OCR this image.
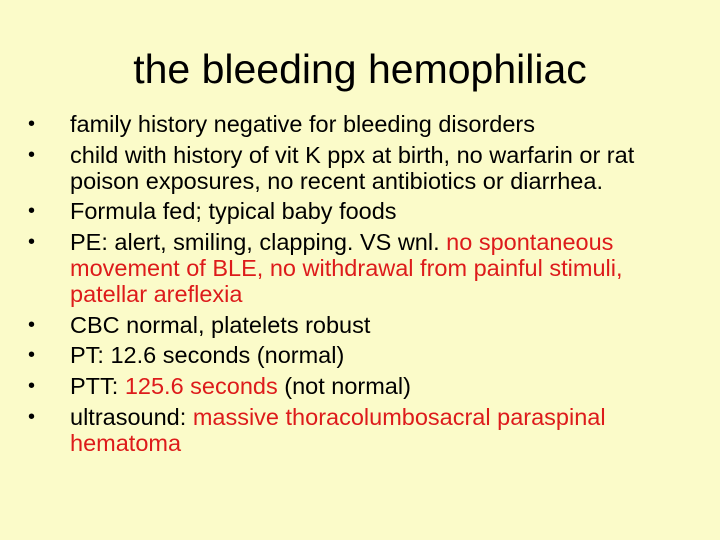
the bleeding hemophiliac
•	family history negative for bleeding disorders
•	child with history of vit K ppx at birth, no warfarin or rat poison exposures, no recent antibiotics or diarrhea.
•	Formula fed; typical baby foods
•	PE: alert, smiling, clapping. VS wnl. no spontaneous movement of BLE, no withdrawal from painful stimuli, patellar areflexia
•	CBC normal, platelets robust
•	PT: 12.6 seconds (normal)
•	PTT: 125.6 seconds (not normal)
•	ultrasound: massive thoracolumbosacral paraspinal hematoma
